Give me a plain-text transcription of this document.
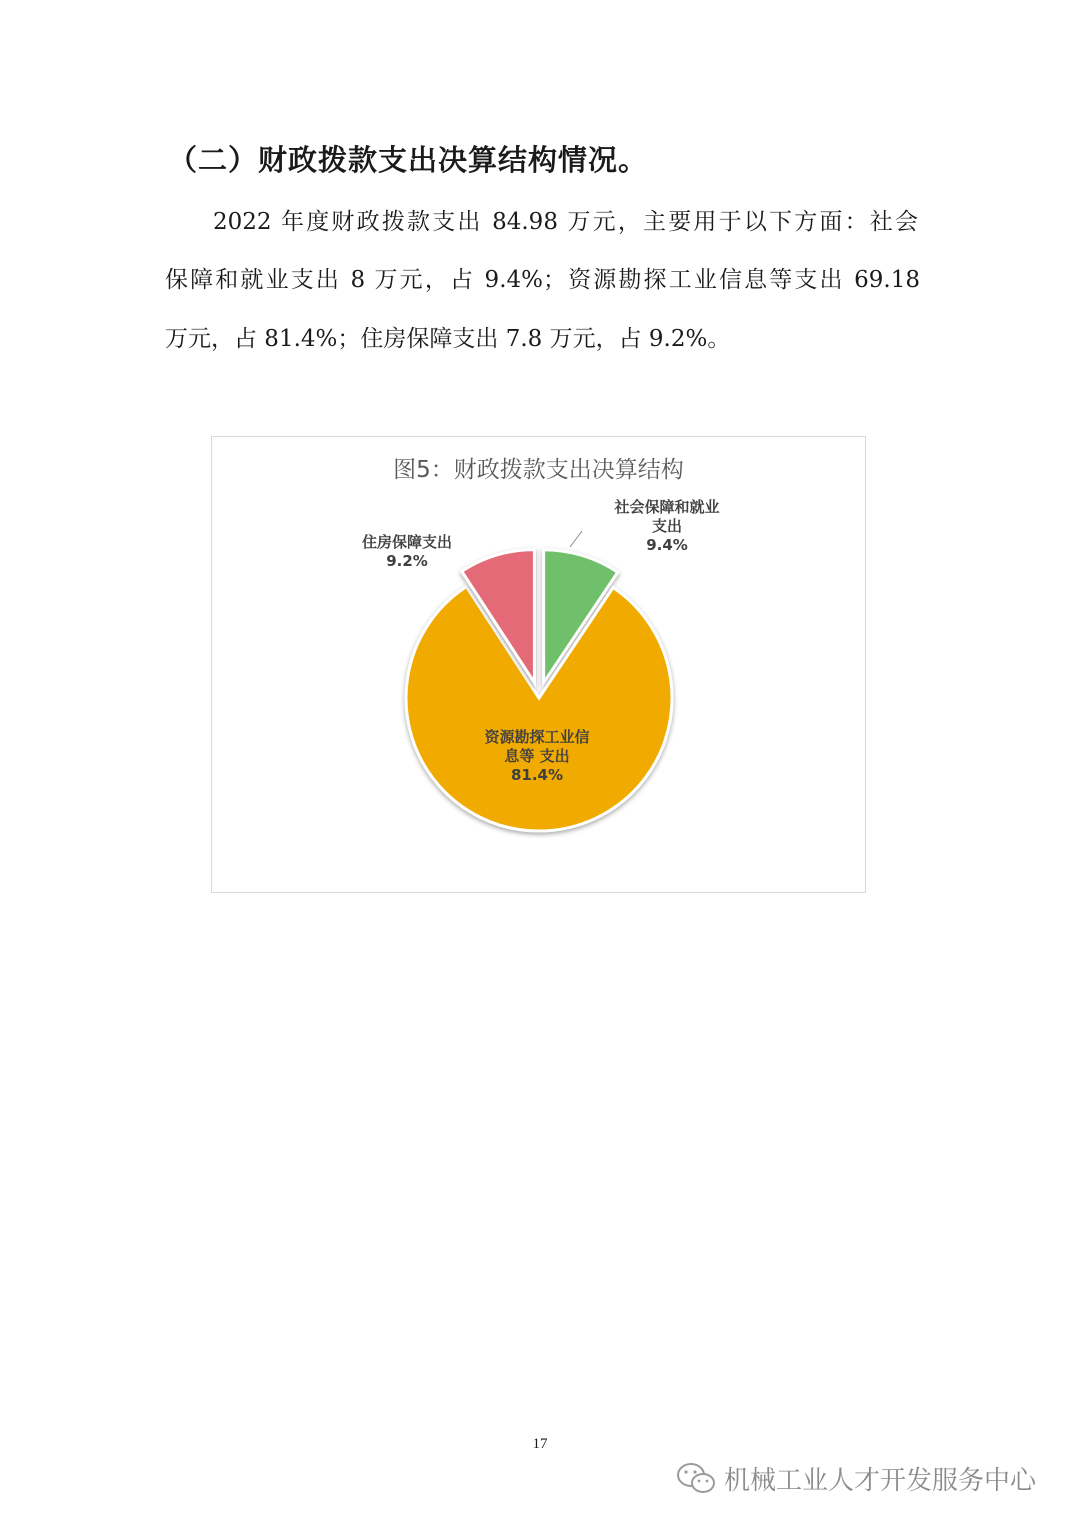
（二）财政拨款支出决算结构情况。
2022 年度财政拨款支出 84.98 万元，主要用于以下方面：社会
保障和就业支出 8 万元，占 9.4%；资源勘探工业信息等支出 69.18
万元，占 81.4%；住房保障支出 7.8 万元，占 9.2%。
图5：财政拨款支出决算结构
社会保障和就业
支出
9.4%
住房保障支出
9.2%
资源勘探工业信
息等 支出
81.4%
17
机械工业人才开发服务中心
